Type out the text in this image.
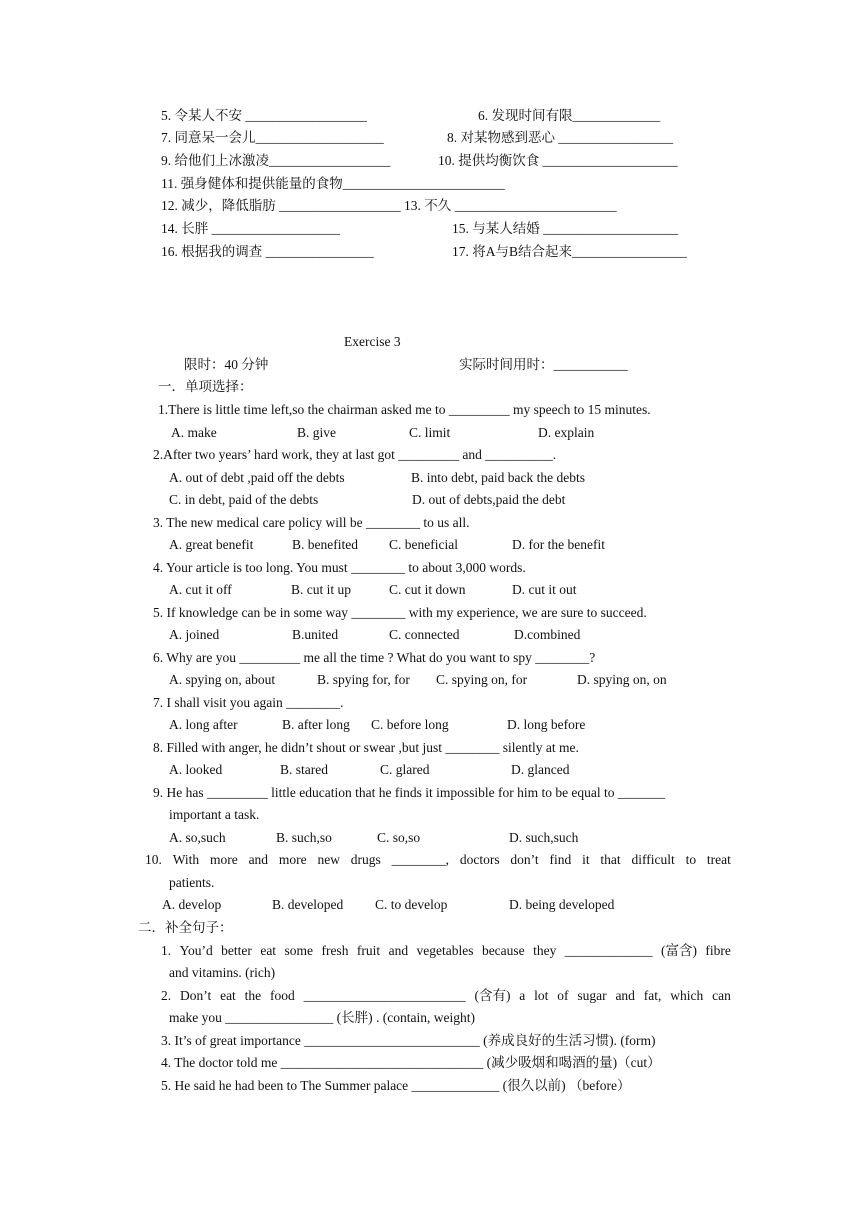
5. 令某人不安 __________________	6. 发现时间有限_____________
7. 同意呆一会儿___________________	8. 对某物感到恶心 _________________
9. 给他们上冰激凌__________________	10. 提供均衡饮食 ____________________
11. 强身健体和提供能量的食物________________________
12. 减少，降低脂肪 __________________ 13. 不久 ________________________
14. 长胖 ___________________	15. 与某人结婚 ____________________
16. 根据我的调查 ________________	17. 将A与B结合起来_________________
Exercise 3
限时：40 分钟	实际时间用时：___________
一．单项选择：
1.There is little time left,so the chairman asked me to _________ my speech to 15 minutes.
A. make	B. give	C. limit	D. explain
2.After two years’ hard work, they at last got _________ and __________.
A. out of debt ,paid off the debts	B. into debt, paid back the debts
C. in debt, paid of the debts	D. out of debts,paid the debt
3. The new medical care policy will be ________ to us all.
A. great benefit	B. benefited C. beneficial	D. for the benefit
4. Your article is too long. You must ________ to about 3,000 words.
A. cut it off	B. cut it up	C. cut it down	D. cut it out
5. If knowledge can be in some way ________ with my experience, we are sure to succeed.
A. joined	B.united	C. connected	D.combined
6. Why are you _________ me all the time ? What do you want to spy ________?
A. spying on, about	B. spying for, for C. spying on, for	D. spying on, on
7. I shall visit you again ________.
A. long after	B. after long C. before long	D. long before
8. Filled with anger, he didn’t shout or swear ,but just ________ silently at me.
A. looked	B. stared	C. glared	D. glanced
9. He has _________ little education that he finds it impossible for him to be equal to _______
important a task.
A. so,such	B. such,so	C. so,so	D. such,such
10. With more and more new drugs ________, doctors don’t find it that difficult to treat
patients.
A. develop	B. developed C. to develop	D. being developed
二．补全句子：
1. You’d better eat some fresh fruit and vegetables because they _____________ (富含) fibre
and vitamins. (rich)
2. Don’t eat the food ________________________ (含有) a lot of sugar and fat, which can
make you ________________ (长胖) . (contain, weight)
3. It’s of great importance __________________________ (养成良好的生活习惯). (form)
4. The doctor told me ______________________________ (减少吸烟和喝酒的量)（cut）
5. He said he had been to The Summer palace _____________ (很久以前) （before）
